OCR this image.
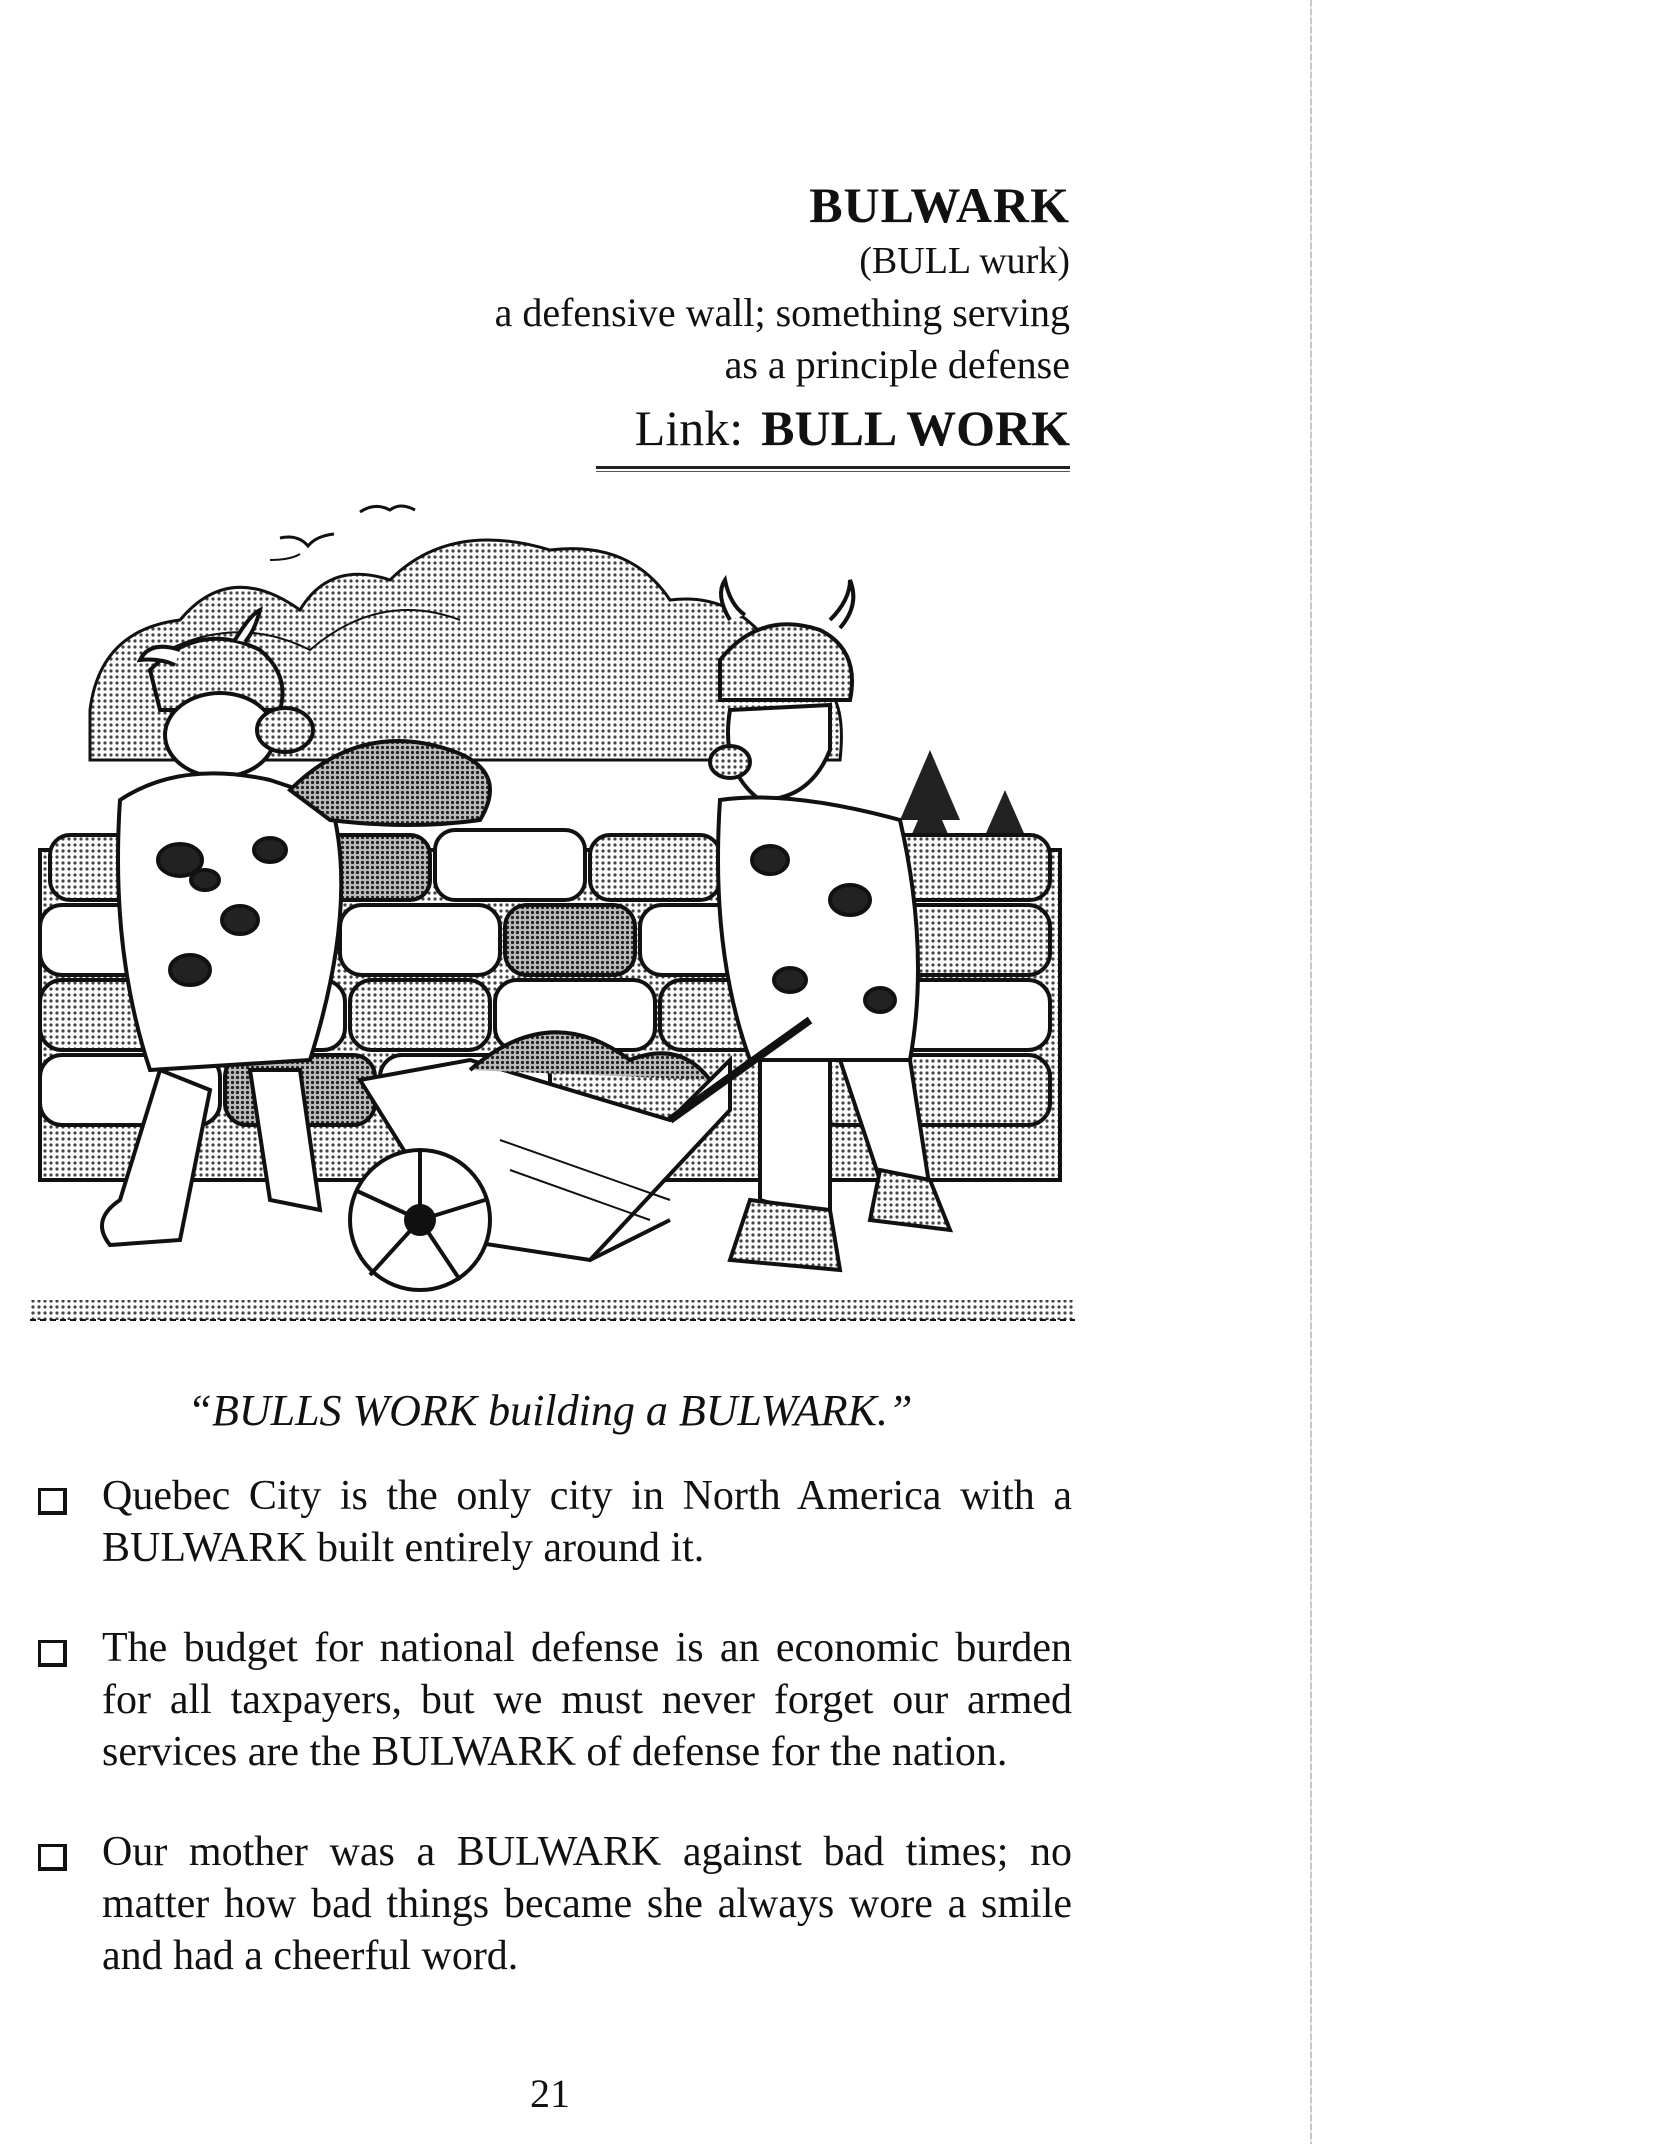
BULWARK
(BULL wurk)
a defensive wall; something serving
as a principle defense
Link: BULL WORK
“BULLS WORK building a BULWARK.”
Quebec City is the only city in North America with a BULWARK built entirely around it.
The budget for national defense is an economic burden for all taxpayers, but we must never forget our armed services are the BULWARK of defense for the nation.
Our mother was a BULWARK against bad times; no matter how bad things became she always wore a smile and had a cheerful word.
21
